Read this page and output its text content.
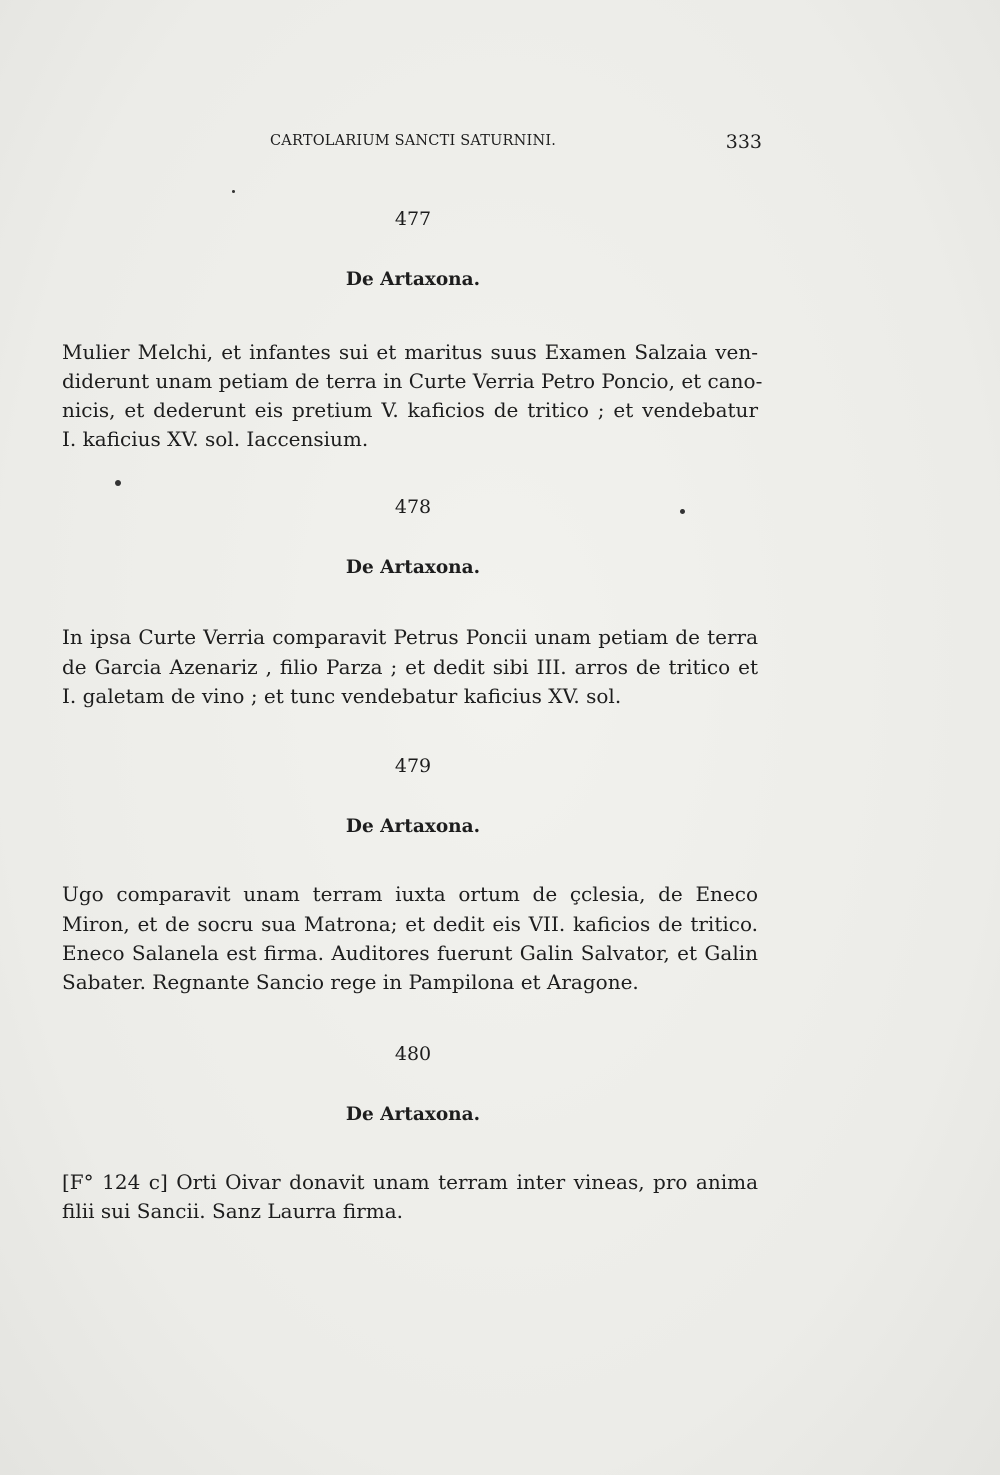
CARTOLARIUM SANCTI SATURNINI.	333
477
De Artaxona.
Mulier Melchi, et infantes sui et maritus suus Examen Salzaia ven-
diderunt unam petiam de terra in Curte Verria Petro Poncio, et cano-
nicis, et dederunt eis pretium V. kaficios de tritico ; et vendebatur
I. kaficius XV. sol. Iaccensium.
478
De Artaxona.
In ipsa Curte Verria comparavit Petrus Poncii unam petiam de terra
de Garcia Azenariz , filio Parza ; et dedit sibi III. arros de tritico et
I. galetam de vino ; et tunc vendebatur kaficius XV. sol.
479
De Artaxona.
Ugo comparavit unam terram iuxta ortum de çclesia, de Eneco
Miron, et de socru sua Matrona; et dedit eis VII. kaficios de tritico.
Eneco Salanela est firma. Auditores fuerunt Galin Salvator, et Galin
Sabater. Regnante Sancio rege in Pampilona et Aragone.
480
De Artaxona.
[F° 124 c] Orti Oivar donavit unam terram inter vineas, pro anima
filii sui Sancii. Sanz Laurra firma.
